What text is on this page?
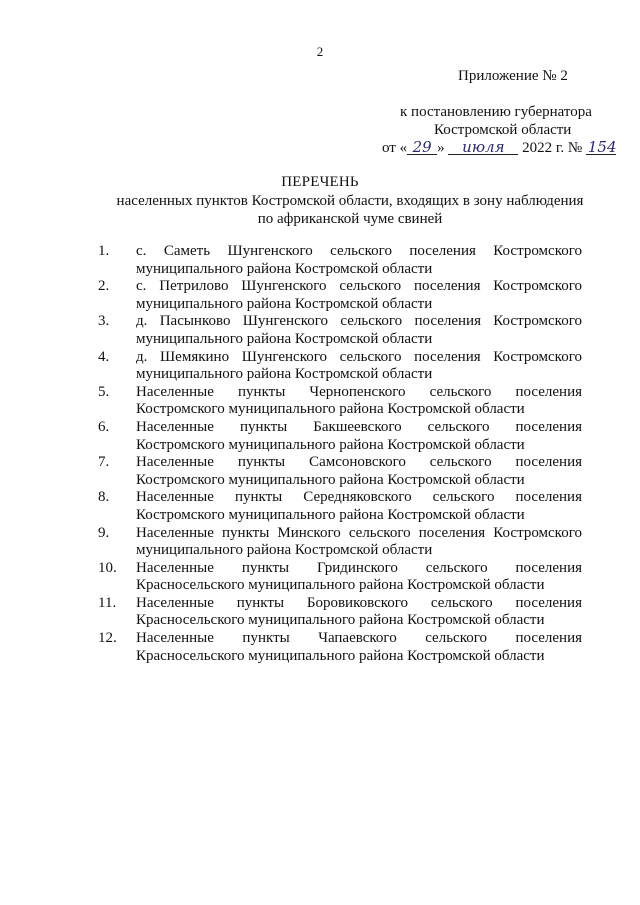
2
Приложение № 2
к постановлению губернатора
Костромской области
от « 29 » июля 2022 г. № 154
ПЕРЕЧЕНЬ
населенных пунктов Костромской области, входящих в зону наблюдения по африканской чуме свиней
1. с. Саметь Шунгенского сельского поселения Костромского муниципального района Костромской области
2. с. Петрилово Шунгенского сельского поселения Костромского муниципального района Костромской области
3. д. Пасынково Шунгенского сельского поселения Костромского муниципального района Костромской области
4. д. Шемякино Шунгенского сельского поселения Костромского муниципального района Костромской области
5. Населенные пункты Чернопенского сельского поселения Костромского муниципального района Костромской области
6. Населенные пункты Бакшеевского сельского поселения Костромского муниципального района Костромской области
7. Населенные пункты Самсоновского сельского поселения Костромского муниципального района Костромской области
8. Населенные пункты Середняковского сельского поселения Костромского муниципального района Костромской области
9. Населенные пункты Минского сельского поселения Костромского муниципального района Костромской области
10. Населенные пункты Гридинского сельского поселения Красносельского муниципального района Костромской области
11. Населенные пункты Боровиковского сельского поселения Красносельского муниципального района Костромской области
12. Населенные пункты Чапаевского сельского поселения Красносельского муниципального района Костромской области
